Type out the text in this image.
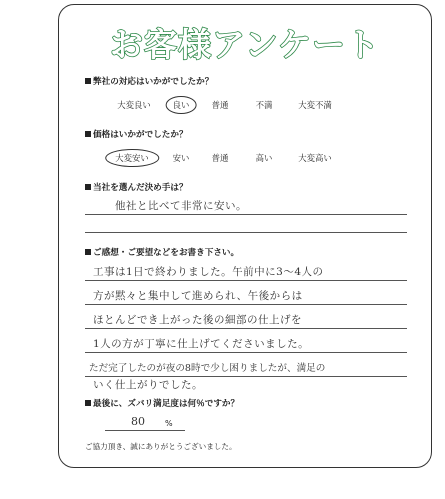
お客様アンケート
弊社の対応はいかがでしたか？
大変良い	良い	普通	不満	大変不満
価格はいかがでしたか？
大変安い	安い	普通	高い	大変高い
当社を選んだ決め手は？
他社と比べて非常に安い。
ご感想・ご要望などをお書き下さい。
工事は1日で終わりました。午前中に3〜4人の
方が黙々と集中して進められ、午後からは
ほとんどでき上がった後の細部の仕上げを
1人の方が丁寧に仕上げてくださいました。
ただ完了したのが夜の8時で少し困りましたが、満足の
いく仕上がりでした。
最後に、ズバリ満足度は何％ですか？
80	%
ご協力頂き、誠にありがとうございました。
